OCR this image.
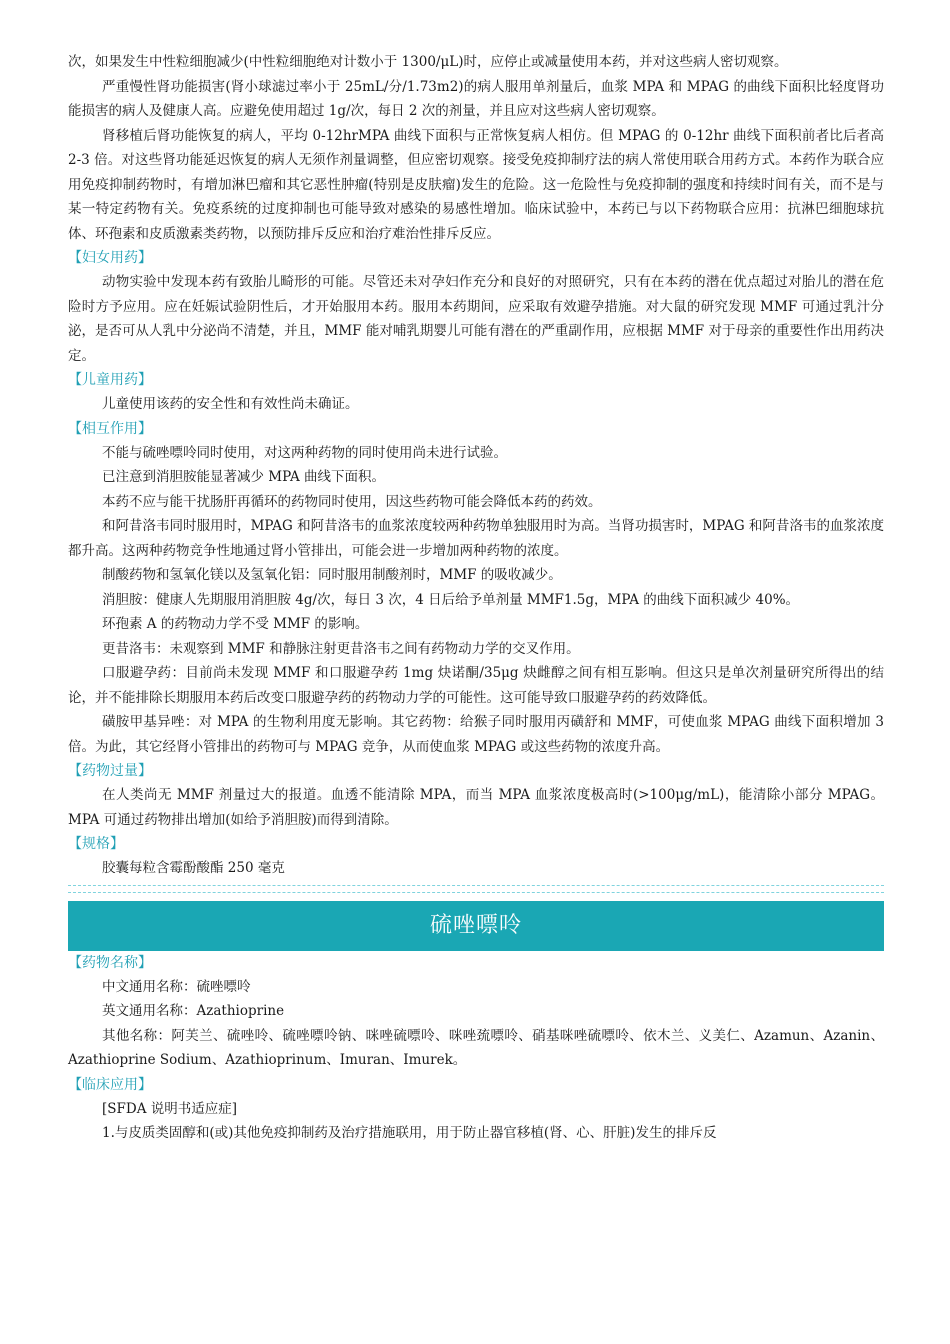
次，如果发生中性粒细胞减少(中性粒细胞绝对计数小于 1300/μL)时，应停止或减量使用本药，并对这些病人密切观察。

严重慢性肾功能损害(肾小球滤过率小于 25mL/分/1.73m2)的病人服用单剂量后，血浆 MPA 和 MPAG 的曲线下面积比轻度肾功能损害的病人及健康人高。应避免使用超过 1g/次，每日 2 次的剂量，并且应对这些病人密切观察。

肾移植后肾功能恢复的病人，平均 0-12hrMPA 曲线下面积与正常恢复病人相仿。但 MPAG 的 0-12hr 曲线下面积前者比后者高 2-3 倍。对这些肾功能延迟恢复的病人无须作剂量调整，但应密切观察。接受免疫抑制疗法的病人常使用联合用药方式。本药作为联合应用免疫抑制药物时，有增加淋巴瘤和其它恶性肿瘤(特别是皮肤瘤)发生的危险。这一危险性与免疫抑制的强度和持续时间有关，而不是与某一特定药物有关。免疫系统的过度抑制也可能导致对感染的易感性增加。临床试验中，本药已与以下药物联合应用：抗淋巴细胞球抗体、环孢素和皮质激素类药物，以预防排斥反应和治疗难治性排斥反应。

【妇女用药】

动物实验中发现本药有致胎儿畸形的可能。尽管还未对孕妇作充分和良好的对照研究，只有在本药的潜在优点超过对胎儿的潜在危险时方予应用。应在妊娠试验阴性后，才开始服用本药。服用本药期间，应采取有效避孕措施。对大鼠的研究发现 MMF 可通过乳汁分泌，是否可从人乳中分泌尚不清楚，并且，MMF 能对哺乳期婴儿可能有潜在的严重副作用，应根据 MMF 对于母亲的重要性作出用药决定。

【儿童用药】

儿童使用该药的安全性和有效性尚未确证。

【相互作用】

不能与硫唑嘌呤同时使用，对这两种药物的同时使用尚未进行试验。

已注意到消胆胺能显著减少 MPA 曲线下面积。

本药不应与能干扰肠肝再循环的药物同时使用，因这些药物可能会降低本药的药效。

和阿昔洛韦同时服用时，MPAG 和阿昔洛韦的血浆浓度较两种药物单独服用时为高。当肾功损害时，MPAG 和阿昔洛韦的血浆浓度都升高。这两种药物竞争性地通过肾小管排出，可能会进一步增加两种药物的浓度。

制酸药物和氢氧化镁以及氢氧化铝：同时服用制酸剂时，MMF 的吸收减少。

消胆胺：健康人先期服用消胆胺 4g/次，每日 3 次，4 日后给予单剂量 MMF1.5g，MPA 的曲线下面积减少 40%。

环孢素 A 的药物动力学不受 MMF 的影响。

更昔洛韦：未观察到 MMF 和静脉注射更昔洛韦之间有药物动力学的交叉作用。

口服避孕药：目前尚未发现 MMF 和口服避孕药 1mg 炔诺酮/35μg 炔雌醇之间有相互影响。但这只是单次剂量研究所得出的结论，并不能排除长期服用本药后改变口服避孕药的药物动力学的可能性。这可能导致口服避孕药的药效降低。

磺胺甲基异唑：对 MPA 的生物利用度无影响。其它药物：给猴子同时服用丙磺舒和 MMF，可使血浆 MPAG 曲线下面积增加 3 倍。为此，其它经肾小管排出的药物可与 MPAG 竞争，从而使血浆 MPAG 或这些药物的浓度升高。

【药物过量】

在人类尚无 MMF 剂量过大的报道。血透不能清除 MPA，而当 MPA 血浆浓度极高时(>100μg/mL)，能清除小部分 MPAG。MPA 可通过药物排出增加(如给予消胆胺)而得到清除。

【规格】

胶囊每粒含霉酚酸酯 250 毫克

硫唑嘌呤
【药物名称】

中文通用名称：硫唑嘌呤

英文通用名称：Azathioprine

其他名称：阿芙兰、硫唑呤、硫唑嘌呤钠、咪唑硫嘌呤、咪唑巯嘌呤、硝基咪唑硫嘌呤、依木兰、义美仁、Azamun、Azanin、Azathioprine Sodium、Azathioprinum、Imuran、Imurek。

【临床应用】

[SFDA 说明书适应症]

1.与皮质类固醇和(或)其他免疫抑制药及治疗措施联用，用于防止器官移植(肾、心、肝脏)发生的排斥反
